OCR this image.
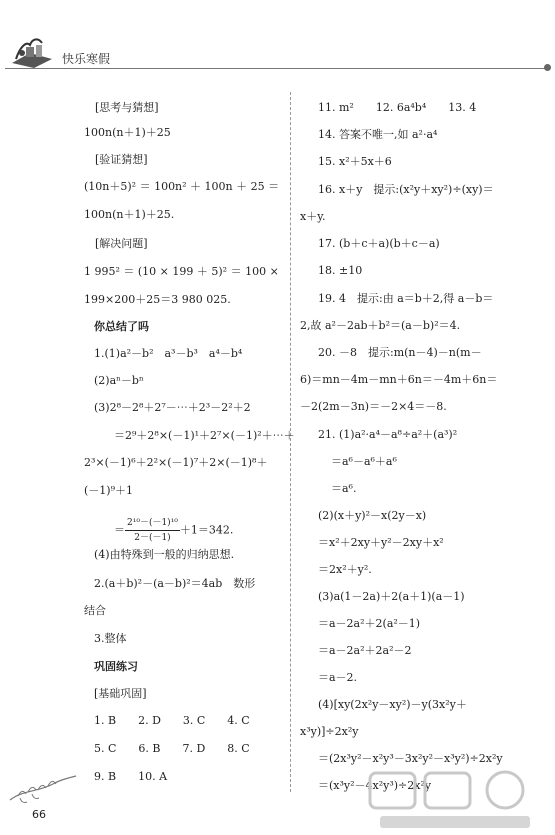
快乐寒假
[思考与猜想]
100n(n＋1)＋25
[验证猜想]
(10n＋5)² ＝ 100n² ＋ 100n ＋ 25 ＝
100n(n＋1)＋25.
[解决问题]
1 995² ＝ (10 × 199 ＋ 5)² ＝ 100 ×
199×200＋25＝3 980 025.
你总结了吗
1.(1)a²－b²　a³－b³　a⁴－b⁴
(2)aⁿ－bⁿ
(3)2⁸－2⁸＋2⁷－⋯＋2³－2²＋2
＝2⁹＋2⁸×(－1)¹＋2⁷×(－1)²＋⋯＋
2³×(－1)⁶＋2²×(－1)⁷＋2×(－1)⁸＋
(－1)⁹＋1
(4)由特殊到一般的归纳思想.
2.(a＋b)²－(a－b)²＝4ab　数形
结合
3.整体
巩固练习
[基础巩固]
1. B　　2. D　　3. C　　4. C
5. C　　6. B　　7. D　　8. C
9. B　　10. A
11. m²　　12. 6a⁴b⁴　　13. 4
14. 答案不唯一,如 a²·a⁴
15. x²＋5x＋6
16. x＋y　提示:(x²y＋xy²)÷(xy)＝
x＋y.
17. (b＋c＋a)(b＋c－a)
18. ±10
19. 4　提示:由 a＝b＋2,得 a－b＝
2,故 a²－2ab＋b²＝(a－b)²＝4.
20. －8　提示:m(n－4)－n(m－
6)＝mn－4m－mn＋6n＝－4m＋6n＝
－2(2m－3n)＝－2×4＝－8.
21. (1)a²·a⁴－a⁸÷a²＋(a³)²
＝a⁶－a⁶＋a⁶
＝a⁶.
(2)(x＋y)²－x(2y－x)
＝x²＋2xy＋y²－2xy＋x²
＝2x²＋y².
(3)a(1－2a)＋2(a＋1)(a－1)
＝a－2a²＋2(a²－1)
＝a－2a²＋2a²－2
＝a－2.
(4)[xy(2x²y－xy²)－y(3x²y＋
x³y)]÷2x²y
＝(2x³y²－x²y³－3x²y²－x³y²)÷2x²y
＝(x³y²－4x²y³)÷2x²y
＝ $\frac{\text{2¹⁰－(－1)¹⁰}}{2-(-1)} +1=342$.
66
